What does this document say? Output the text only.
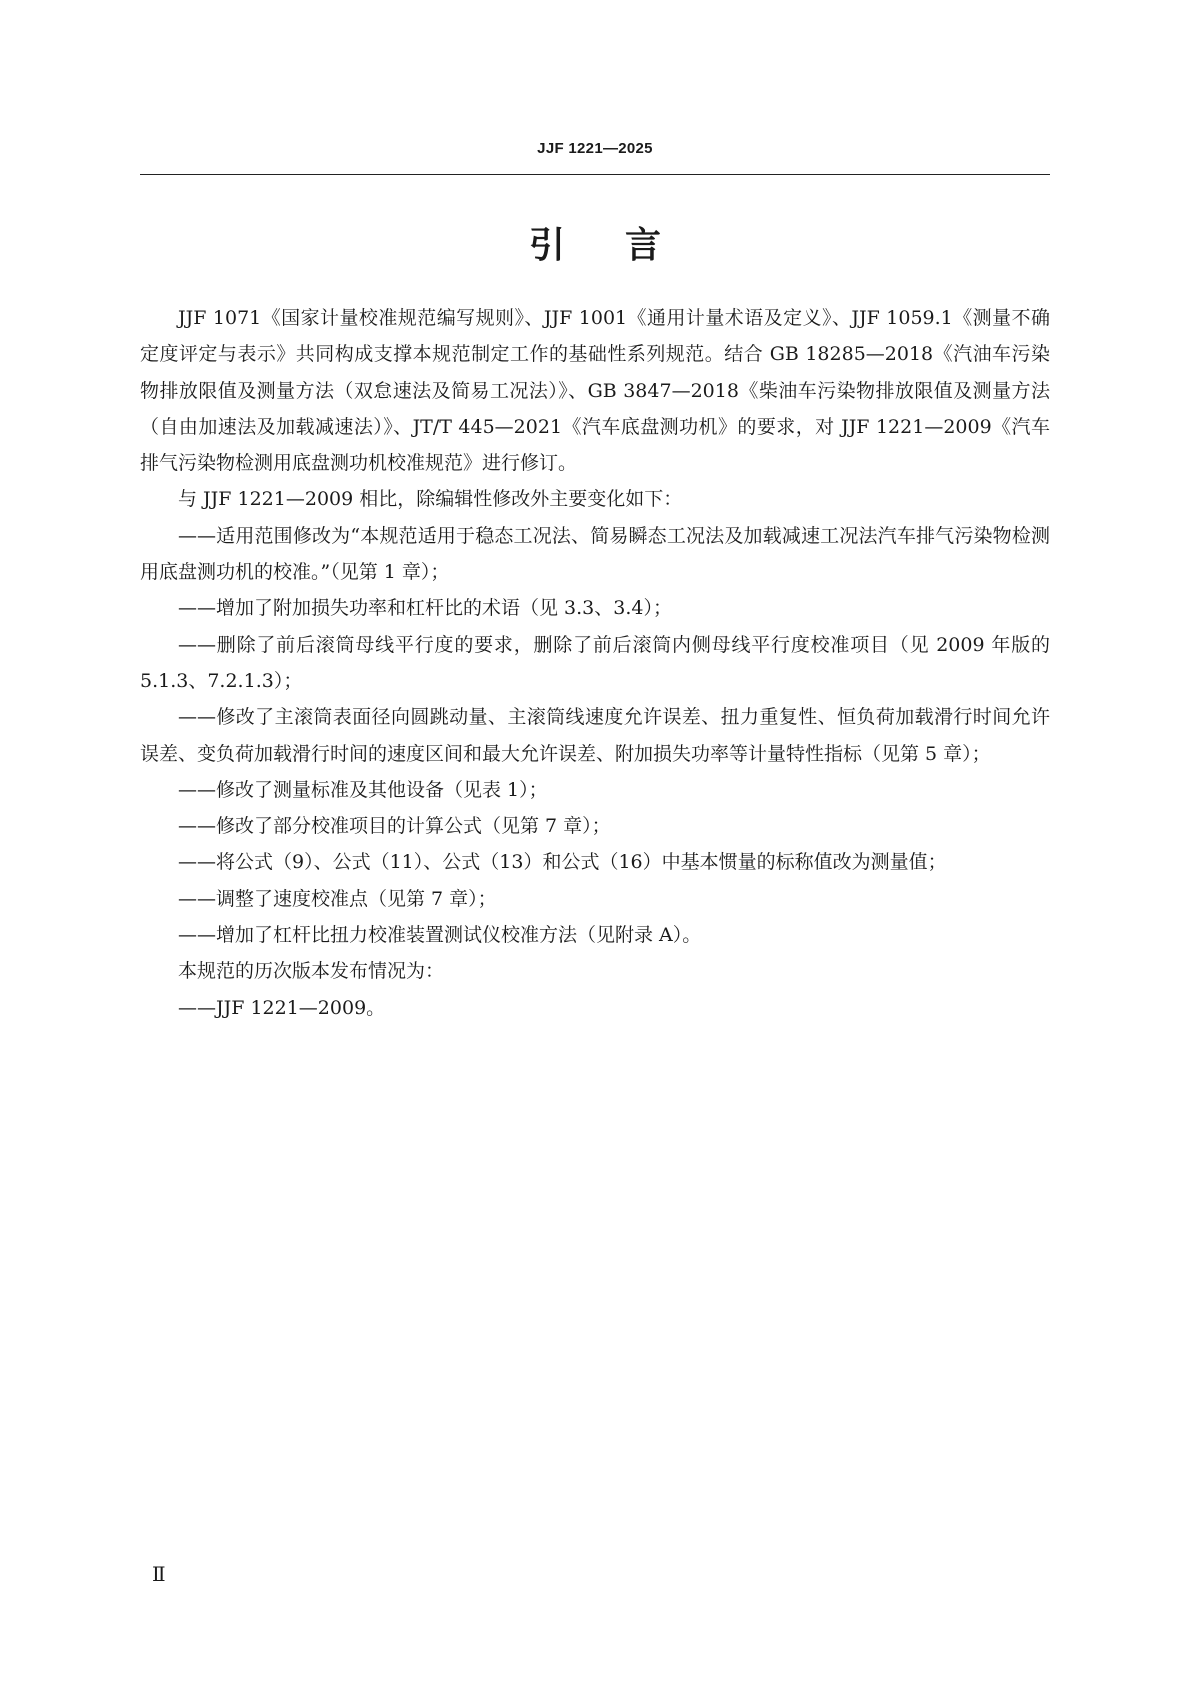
JJF 1221—2025
引言

JJF 1071《国家计量校准规范编写规则》、JJF 1001《通用计量术语及定义》、JJF 1059.1《测量不确定度评定与表示》共同构成支撑本规范制定工作的基础性系列规范。结合 GB 18285—2018《汽油车污染物排放限值及测量方法（双怠速法及简易工况法）》、GB 3847—2018《柴油车污染物排放限值及测量方法（自由加速法及加载减速法）》、JT/T 445—2021《汽车底盘测功机》的要求，对 JJF 1221—2009《汽车排气污染物检测用底盘测功机校准规范》进行修订。

与 JJF 1221—2009 相比，除编辑性修改外主要变化如下：

——适用范围修改为“本规范适用于稳态工况法、简易瞬态工况法及加载减速工况法汽车排气污染物检测用底盘测功机的校准。”（见第 1 章）；

——增加了附加损失功率和杠杆比的术语（见 3.3、3.4）；

——删除了前后滚筒母线平行度的要求，删除了前后滚筒内侧母线平行度校准项目（见 2009 年版的 5.1.3、7.2.1.3）；

——修改了主滚筒表面径向圆跳动量、主滚筒线速度允许误差、扭力重复性、恒负荷加载滑行时间允许误差、变负荷加载滑行时间的速度区间和最大允许误差、附加损失功率等计量特性指标（见第 5 章）；

——修改了测量标准及其他设备（见表 1）；

——修改了部分校准项目的计算公式（见第 7 章）；

——将公式（9）、公式（11）、公式（13）和公式（16）中基本惯量的标称值改为测量值；

——调整了速度校准点（见第 7 章）；

——增加了杠杆比扭力校准装置测试仪校准方法（见附录 A）。

本规范的历次版本发布情况为：

——JJF 1221—2009。

Ⅱ
